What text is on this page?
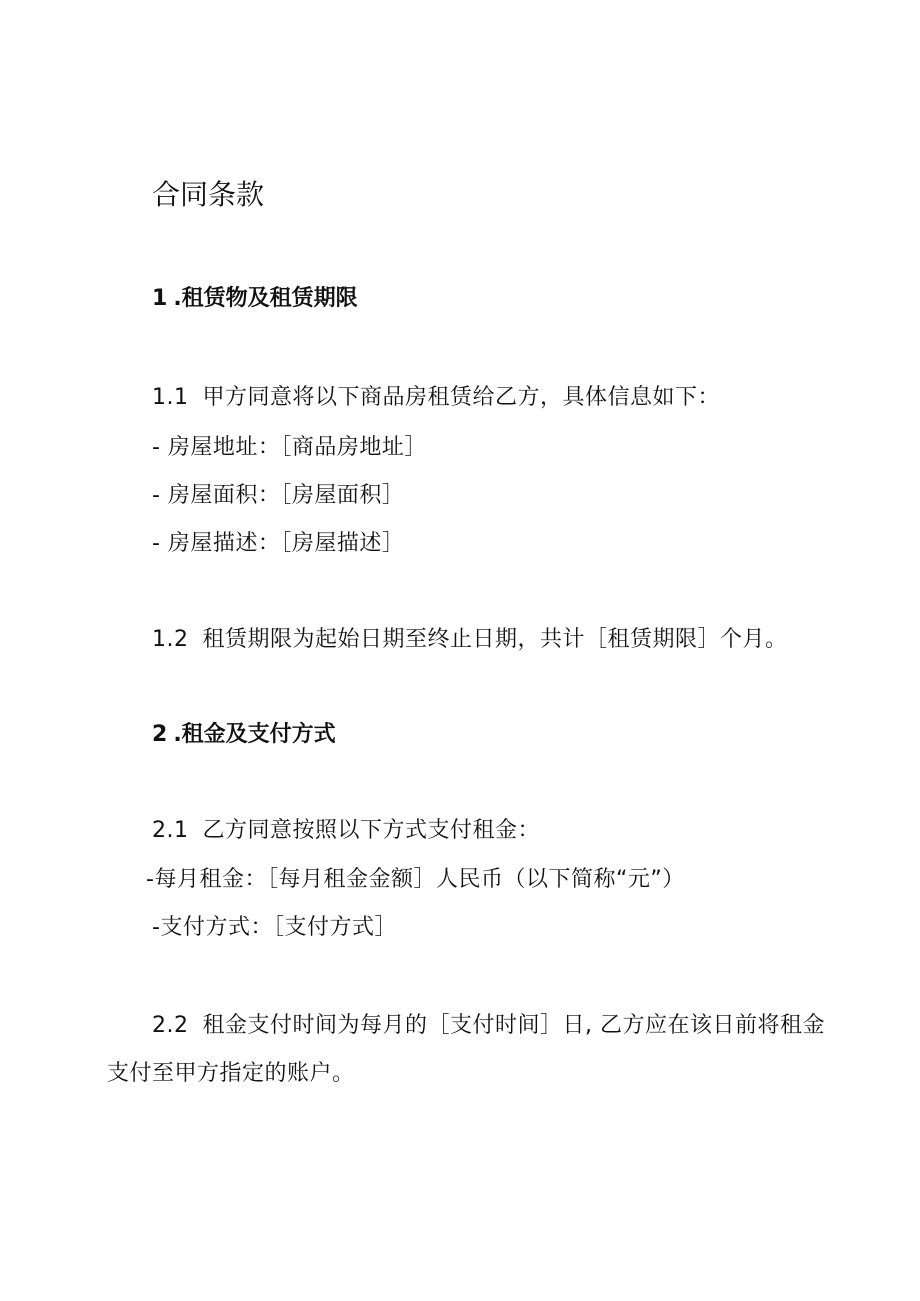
合同条款
1 .租赁物及租赁期限
1.1 甲方同意将以下商品房租赁给乙方，具体信息如下：
- 房屋地址：［商品房地址］
- 房屋面积：［房屋面积］
- 房屋描述：［房屋描述］
1.2 租赁期限为起始日期至终止日期，共计［租赁期限］个月。
2 .租金及支付方式
2.1 乙方同意按照以下方式支付租金：
-每月租金：［每月租金金额］人民币（以下简称“元”）
-支付方式：［支付方式］
2.2 租金支付时间为每月的［支付时间］日, 乙方应在该日前将租金
支付至甲方指定的账户。
